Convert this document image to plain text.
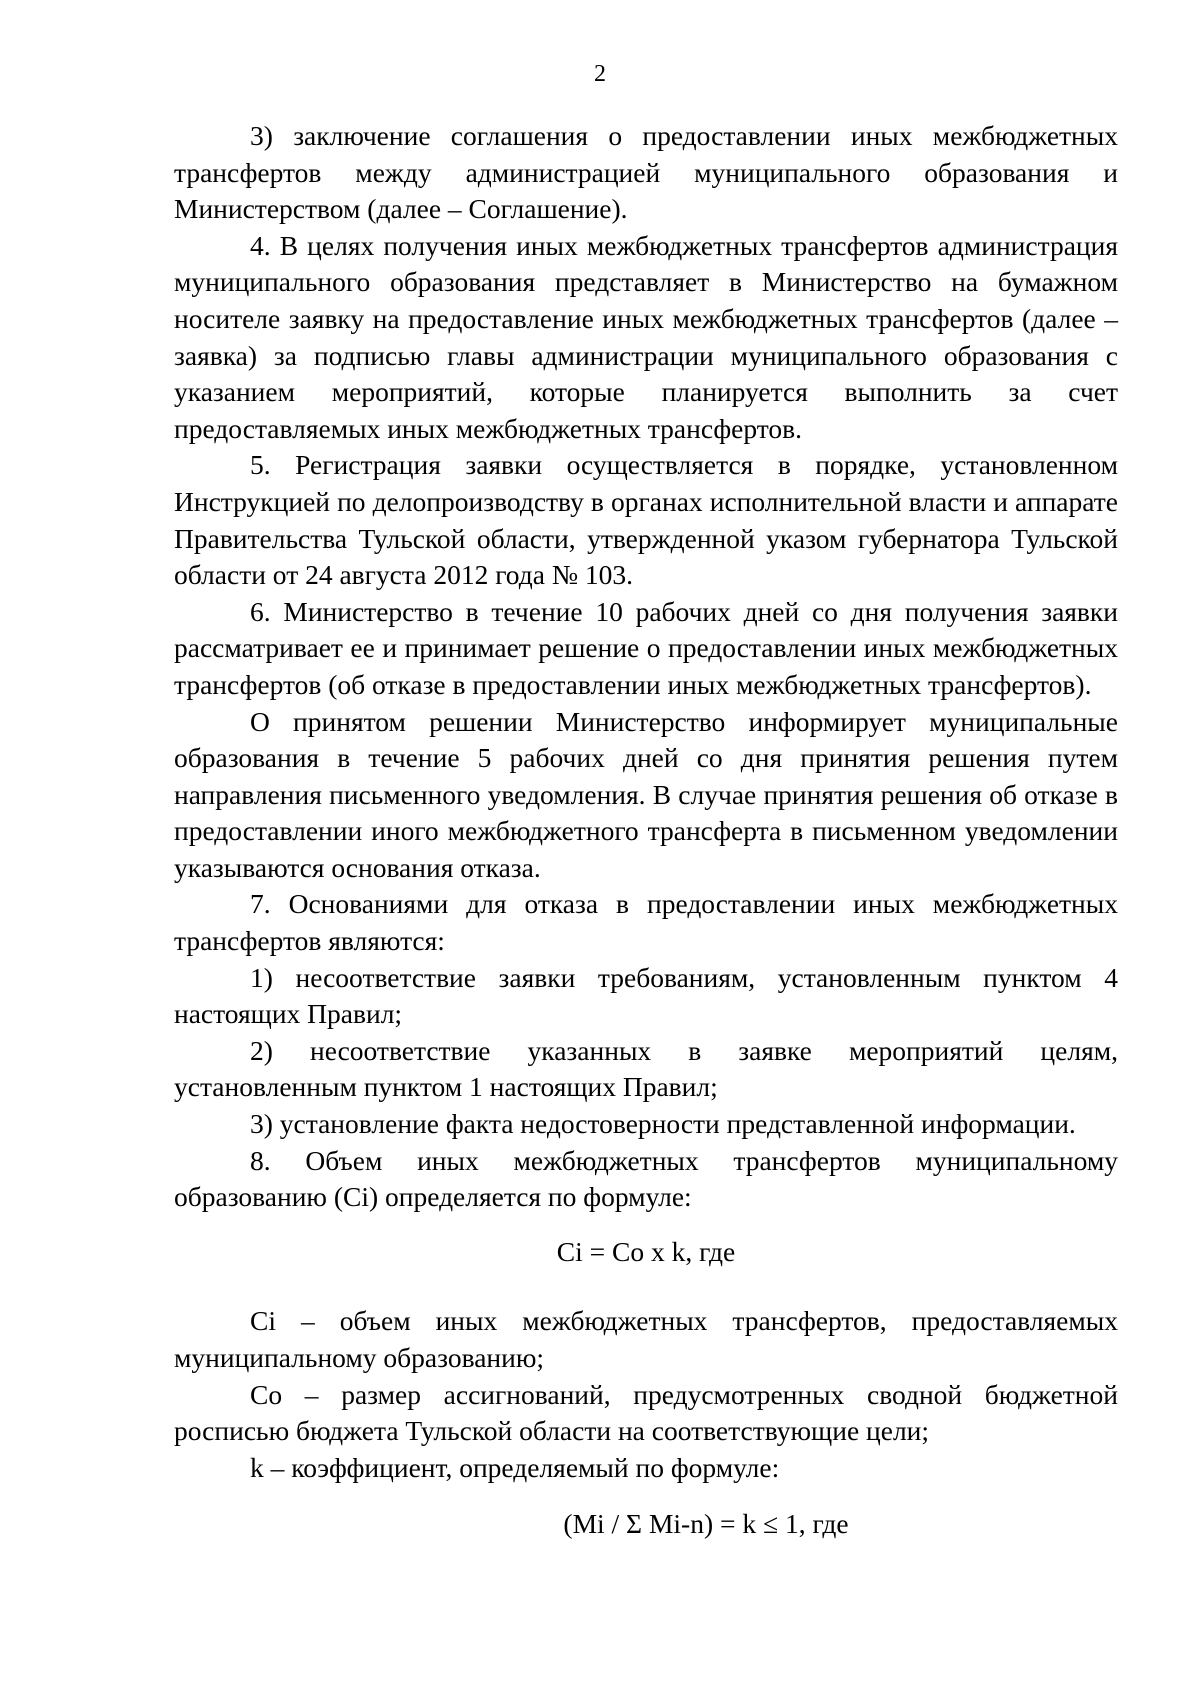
2

3) заключение соглашения о предоставлении иных межбюджетных трансфертов между администрацией муниципального образования и Министерством (далее – Соглашение).

4. В целях получения иных межбюджетных трансфертов администрация муниципального образования представляет в Министерство на бумажном носителе заявку на предоставление иных межбюджетных трансфертов (далее – заявка) за подписью главы администрации муниципального образования с указанием мероприятий, которые планируется выполнить за счет предоставляемых иных межбюджетных трансфертов.

5. Регистрация заявки осуществляется в порядке, установленном Инструкцией по делопроизводству в органах исполнительной власти и аппарате Правительства Тульской области, утвержденной указом губернатора Тульской области от 24 августа 2012 года № 103.

6. Министерство в течение 10 рабочих дней со дня получения заявки рассматривает ее и принимает решение о предоставлении иных межбюджетных трансфертов (об отказе в предоставлении иных межбюджетных трансфертов).

О принятом решении Министерство информирует муниципальные образования в течение 5 рабочих дней со дня принятия решения путем направления письменного уведомления. В случае принятия решения об отказе в предоставлении иного межбюджетного трансферта в письменном уведомлении указываются основания отказа.

7. Основаниями для отказа в предоставлении иных межбюджетных трансфертов являются:

1) несоответствие заявки требованиям, установленным пунктом 4 настоящих Правил;

2) несоответствие указанных в заявке мероприятий целям, установленным пунктом 1 настоящих Правил;

3) установление факта недостоверности представленной информации.

8. Объем иных межбюджетных трансфертов муниципальному образованию (Ci) определяется по формуле:

Ci = Co x k, где

Ci – объем иных межбюджетных трансфертов, предоставляемых муниципальному образованию;

Co – размер ассигнований, предусмотренных сводной бюджетной росписью бюджета Тульской области на соответствующие цели;

k – коэффициент, определяемый по формуле:

(Mi / Σ Mi-n) = k ≤ 1, где
